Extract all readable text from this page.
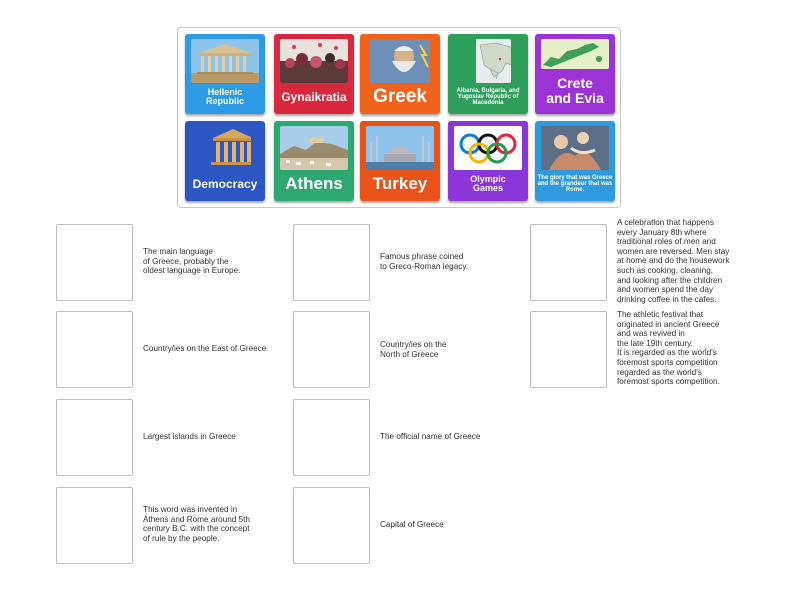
Hellenic
Republic	Gynaikratia	Greek	Albania, Bulgaria, and Yugoslav Republic of Macedonia
Crete
and Evia
Democracy	Athens	Turkey	Olympic
Games
The glory that was Greece and the grandeur that was Rome.
The main language
of Greece, probably the
oldest language in Europe.
Country/ies on the East of Greece
Largest islands in Greece
This word was invented in
Athens and Rome around 5th
century B.C. with the concept
of rule by the people.
Famous phrase coined
to Greco-Roman legacy.
Country/ies on the
North of Greece
The official name of Greece
Capital of Greece
A celebration that happens
every January 8th where
traditional roles of men and
women are reversed. Men stay
at home and do the housework
such as cooking, cleaning,
and looking after the children
and women spend the day
drinking coffee in the cafes.
The athletic festival that
originated in ancient Greece
and was revived in
the late 19th century.
It is regarded as the world's
foremost sports competition
regarded as the world's
foremost sports competition.
